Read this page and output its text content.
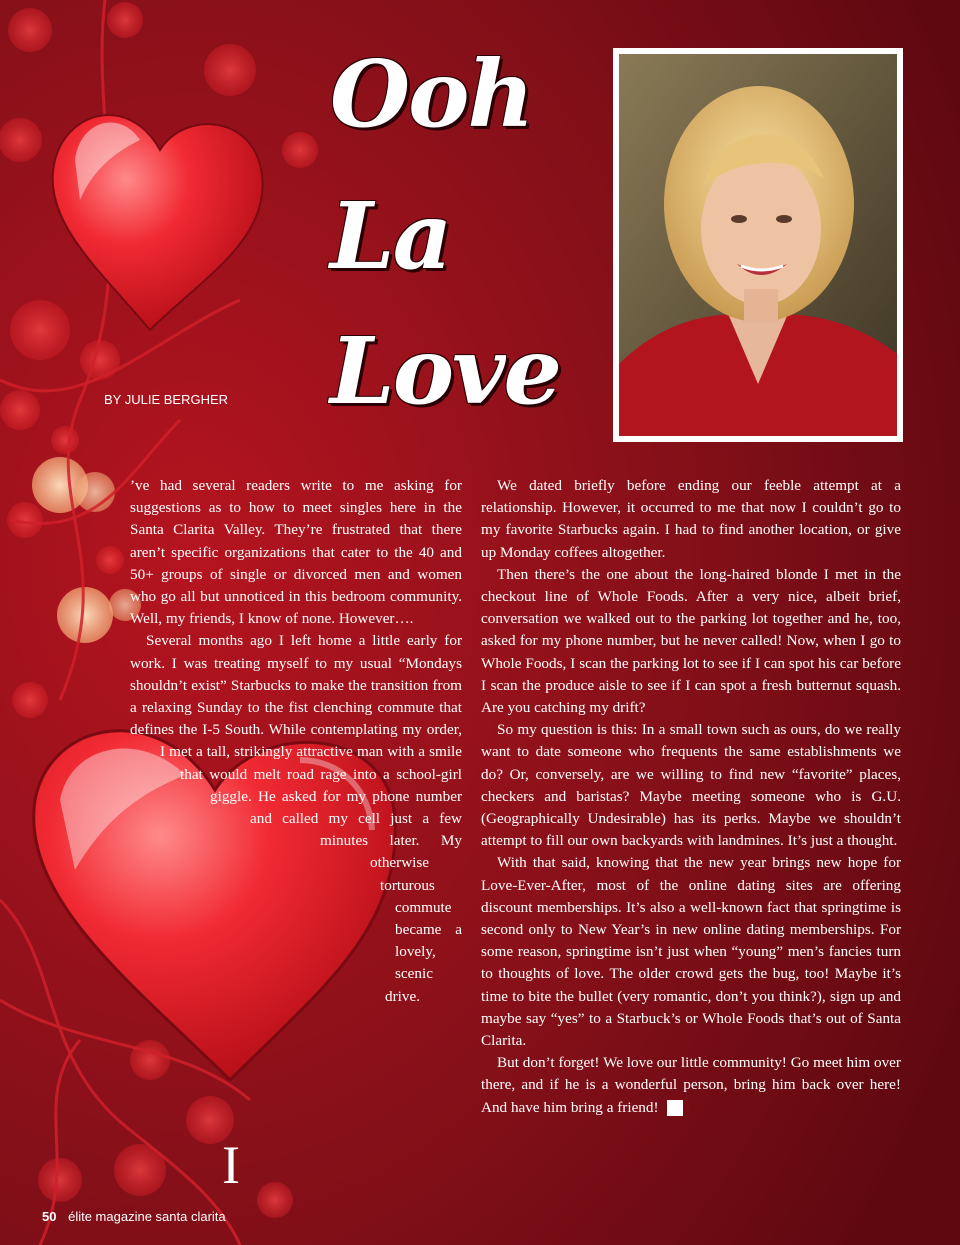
Ooh
La
Love
BY JULIE BERGHER

I
’ve had several readers write to me asking for suggestions as to how to meet singles here in the Santa Clarita Valley. They’re frustrated that there aren’t specific organizations that cater to the 40 and 50+ groups of single or divorced men and women who go all but unnoticed in this bedroom community. Well, my friends, I know of none. However….

Several months ago I left home a little early for work. I was treating myself to my usual “Mondays shouldn’t exist” Starbucks to make the transition from a relaxing Sunday to the fist clenching commute that defines the I-5 South. While contemplating my order, I met a tall, strikingly attractive man with a smile that would melt road rage into a school-girl giggle. He asked for my phone number and called my cell just a few minutes later. My otherwise torturous commute became a lovely, scenic drive.

We dated briefly before ending our feeble attempt at a relationship. However, it occurred to me that now I couldn’t go to my favorite Starbucks again. I had to find another location, or give up Monday coffees altogether.

Then there’s the one about the long-haired blonde I met in the checkout line of Whole Foods. After a very nice, albeit brief, conversation we walked out to the parking lot together and he, too, asked for my phone number, but he never called! Now, when I go to Whole Foods, I scan the parking lot to see if I can spot his car before I scan the produce aisle to see if I can spot a fresh butternut squash. Are you catching my drift?

So my question is this: In a small town such as ours, do we really want to date someone who frequents the same establishments we do? Or, conversely, are we willing to find new “favorite” places, checkers and baristas? Maybe meeting someone who is G.U. (Geographically Undesirable) has its perks. Maybe we shouldn’t attempt to fill our own backyards with landmines. It’s just a thought.

With that said, knowing that the new year brings new hope for Love-Ever-After, most of the online dating sites are offering discount memberships. It’s also a well-known fact that springtime is second only to New Year’s in new online dating memberships. For some reason, springtime isn’t just when “young” men’s fancies turn to thoughts of love. The older crowd gets the bug, too! Maybe it’s time to bite the bullet (very romantic, don’t you think?), sign up and maybe say “yes” to a Starbuck’s or Whole Foods that’s out of Santa Clarita.

But don’t forget! We love our little community! Go meet him over there, and if he is a wonderful person, bring him back over here! And have him bring a friend! é

50 élite magazine santa clarita
